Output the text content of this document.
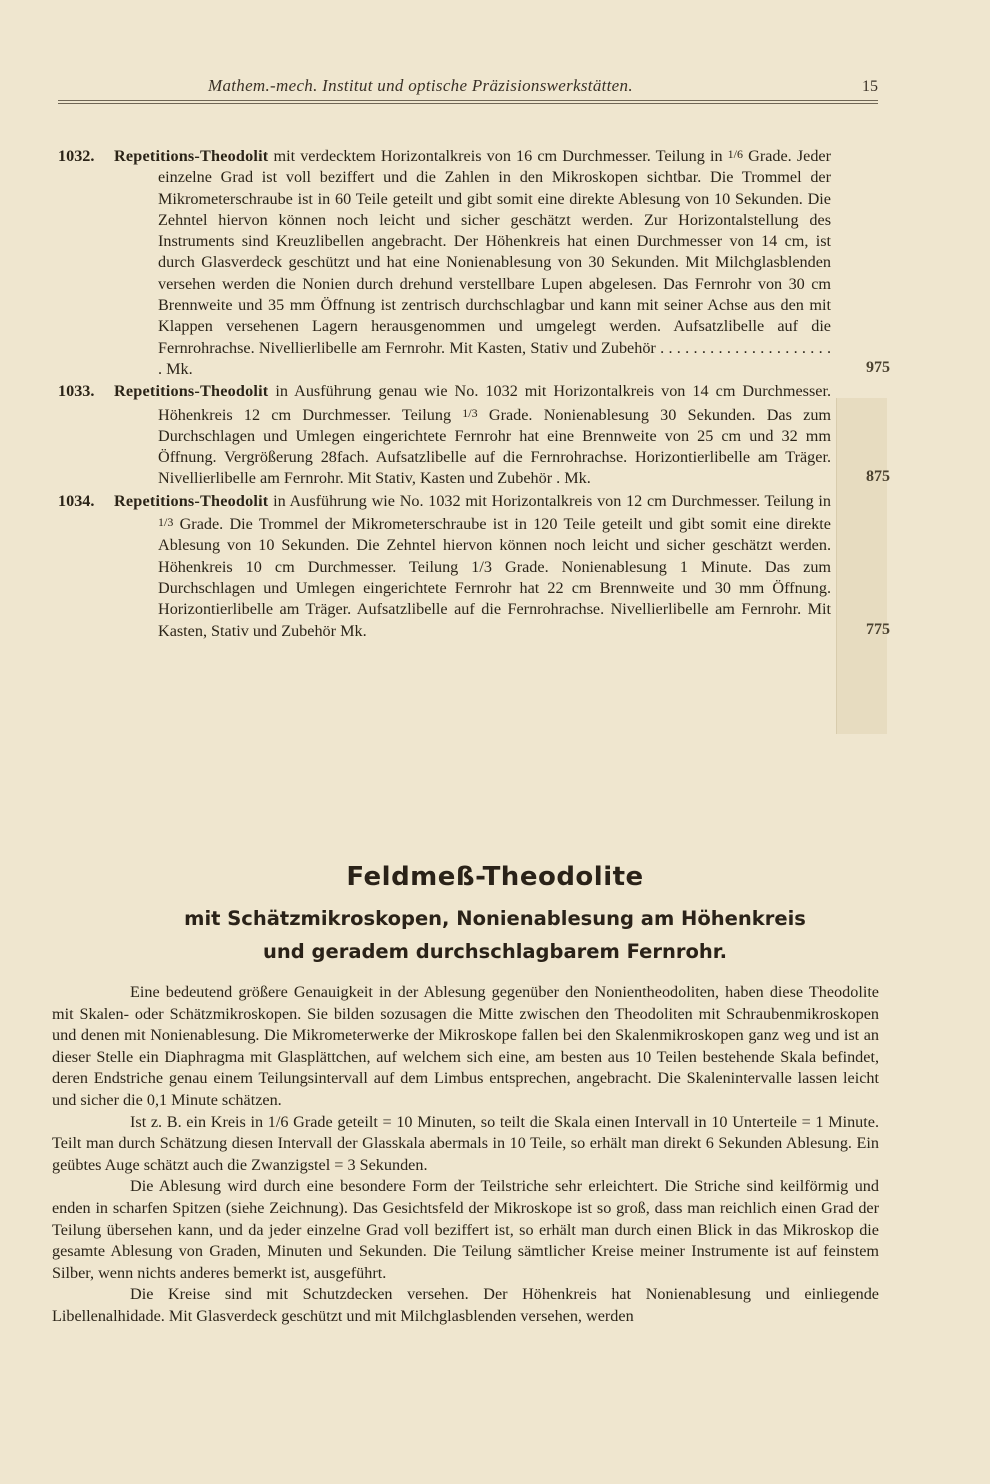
Mathem.-mech. Institut und optische Präzisionswerkstätten.	15
1032. Repetitions-Theodolit mit verdecktem Horizontalkreis von 16 cm Durchmesser. Teilung in 1/6 Grade. Jeder einzelne Grad ist voll beziffert und die Zahlen in den Mikroskopen sichtbar. Die Trommel der Mikrometerschraube ist in 60 Teile geteilt und gibt somit eine direkte Ablesung von 10 Sekunden. Die Zehntel hiervon können noch leicht und sicher geschätzt werden. Zur Horizontalstellung des Instruments sind Kreuzlibellen angebracht. Der Höhenkreis hat einen Durchmesser von 14 cm, ist durch Glasverdeck geschützt und hat eine Nonienablesung von 30 Sekunden. Mit Milchglasblenden versehen werden die Nonien durch drehund verstellbare Lupen abgelesen. Das Fernrohr von 30 cm Brennweite und 35 mm Öffnung ist zentrisch durchschlagbar und kann mit seiner Achse aus den mit Klappen versehenen Lagern herausgenommen und umgelegt werden. Aufsatzlibelle auf die Fernrohrachse. Nivellierlibelle am Fernrohr. Mit Kasten, Stativ und Zubehör . . . . . . . . . . . . . . . . . . . . . . Mk.	975
1033. Repetitions-Theodolit in Ausführung genau wie No. 1032 mit Horizontalkreis von 14 cm Durchmesser. Höhenkreis 12 cm Durchmesser. Teilung 1/3 Grade. Nonienablesung 30 Sekunden. Das zum Durchschlagen und Umlegen eingerichtete Fernrohr hat eine Brennweite von 25 cm und 32 mm Öffnung. Vergrößerung 28fach. Aufsatzlibelle auf die Fernrohrachse. Horizontierlibelle am Träger. Nivellierlibelle am Fernrohr. Mit Stativ, Kasten und Zubehör . Mk.	875
1034. Repetitions-Theodolit in Ausführung wie No. 1032 mit Horizontalkreis von 12 cm Durchmesser. Teilung in 1/3 Grade. Die Trommel der Mikrometerschraube ist in 120 Teile geteilt und gibt somit eine direkte Ablesung von 10 Sekunden. Die Zehntel hiervon können noch leicht und sicher geschätzt werden. Höhenkreis 10 cm Durchmesser. Teilung 1/3 Grade. Nonienablesung 1 Minute. Das zum Durchschlagen und Umlegen eingerichtete Fernrohr hat 22 cm Brennweite und 30 mm Öffnung. Horizontierlibelle am Träger. Aufsatzlibelle auf die Fernrohrachse. Nivellierlibelle am Fernrohr. Mit Kasten, Stativ und Zubehör Mk.	775
Feldmeß-Theodolite
mit Schätzmikroskopen, Nonienablesung am Höhenkreis
und geradem durchschlagbarem Fernrohr.

Eine bedeutend größere Genauigkeit in der Ablesung gegenüber den Nonientheodoliten, haben diese Theodolite mit Skalen- oder Schätzmikroskopen. Sie bilden sozusagen die Mitte zwischen den Theodoliten mit Schraubenmikroskopen und denen mit Nonienablesung. Die Mikrometerwerke der Mikroskope fallen bei den Skalenmikroskopen ganz weg und ist an dieser Stelle ein Diaphragma mit Glasplättchen, auf welchem sich eine, am besten aus 10 Teilen bestehende Skala befindet, deren Endstriche genau einem Teilungsintervall auf dem Limbus entsprechen, angebracht. Die Skalenintervalle lassen leicht und sicher die 0,1 Minute schätzen.

Ist z. B. ein Kreis in 1/6 Grade geteilt = 10 Minuten, so teilt die Skala einen Intervall in 10 Unterteile = 1 Minute. Teilt man durch Schätzung diesen Intervall der Glasskala abermals in 10 Teile, so erhält man direkt 6 Sekunden Ablesung. Ein geübtes Auge schätzt auch die Zwanzigstel = 3 Sekunden.

Die Ablesung wird durch eine besondere Form der Teilstriche sehr erleichtert. Die Striche sind keilförmig und enden in scharfen Spitzen (siehe Zeichnung). Das Gesichtsfeld der Mikroskope ist so groß, dass man reichlich einen Grad der Teilung übersehen kann, und da jeder einzelne Grad voll beziffert ist, so erhält man durch einen Blick in das Mikroskop die gesamte Ablesung von Graden, Minuten und Sekunden. Die Teilung sämtlicher Kreise meiner Instrumente ist auf feinstem Silber, wenn nichts anderes bemerkt ist, ausgeführt.

Die Kreise sind mit Schutzdecken versehen. Der Höhenkreis hat Nonienablesung und einliegende Libellenalhidade. Mit Glasverdeck geschützt und mit Milchglasblenden versehen, werden
